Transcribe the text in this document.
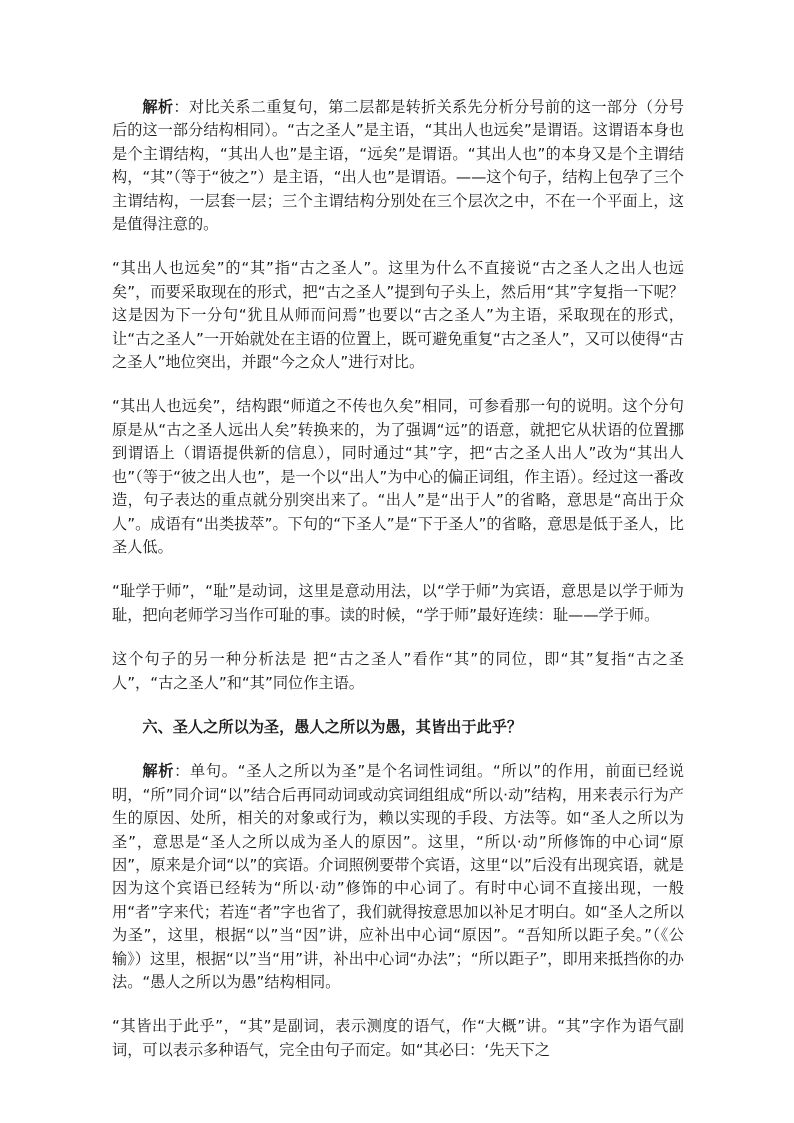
解析：对比关系二重复句，第二层都是转折关系先分析分号前的这一部分（分号后的这一部分结构相同）。“古之圣人”是主语，“其出人也远矣”是谓语。这谓语本身也是个主谓结构，“其出人也”是主语，“远矣”是谓语。“其出人也”的本身又是个主谓结构，“其”（等于“彼之”）是主语，“出人也”是谓语。——这个句子，结构上包孕了三个主谓结构，一层套一层；三个主谓结构分别处在三个层次之中，不在一个平面上，这是值得注意的。

“其出人也远矣”的“其”指“古之圣人”。这里为什么不直接说“古之圣人之出人也远矣”，而要采取现在的形式，把“古之圣人”提到句子头上，然后用“其”字复指一下呢？这是因为下一分句“犹且从师而问焉”也要以“古之圣人”为主语，采取现在的形式，让“古之圣人”一开始就处在主语的位置上，既可避免重复“古之圣人”，又可以使得“古之圣人”地位突出，并跟“今之众人”进行对比。

“其出人也远矣”，结构跟“师道之不传也久矣”相同，可参看那一句的说明。这个分句原是从“古之圣人远出人矣”转换来的，为了强调“远”的语意，就把它从状语的位置挪到谓语上（谓语提供新的信息），同时通过“其”字，把“古之圣人出人”改为“其出人也”（等于“彼之出人也”，是一个以“出人”为中心的偏正词组，作主语）。经过这一番改造，句子表达的重点就分别突出来了。“出人”是“出于人”的省略，意思是“高出于众人”。成语有“出类拔萃”。下句的“下圣人”是“下于圣人”的省略，意思是低于圣人，比圣人低。

“耻学于师”，“耻”是动词，这里是意动用法，以“学于师”为宾语，意思是以学于师为耻，把向老师学习当作可耻的事。读的时候，“学于师”最好连续：耻——学于师。

这个句子的另一种分析法是 把“古之圣人”看作“其”的同位，即“其”复指“古之圣人”，“古之圣人”和“其”同位作主语。

六、圣人之所以为圣，愚人之所以为愚，其皆出于此乎？

解析：单句。“圣人之所以为圣”是个名词性词组。“所以”的作用，前面已经说明，“所”同介词“以”结合后再同动词或动宾词组组成“所以·动”结构，用来表示行为产生的原因、处所，相关的对象或行为，赖以实现的手段、方法等。如“圣人之所以为圣”，意思是“圣人之所以成为圣人的原因”。这里，“所以·动”所修饰的中心词“原因”，原来是介词“以”的宾语。介词照例要带个宾语，这里“以”后没有出现宾语，就是因为这个宾语已经转为“所以·动”修饰的中心词了。有时中心词不直接出现，一般用“者”字来代；若连“者”字也省了，我们就得按意思加以补足才明白。如“圣人之所以为圣”，这里，根据“以”当“因”讲，应补出中心词“原因”。“吾知所以距子矣。”（《公输》）这里，根据“以”当“用”讲，补出中心词“办法”；“所以距子”，即用来抵挡你的办法。“愚人之所以为愚”结构相同。

“其皆出于此乎”，“其”是副词，表示测度的语气，作“大概”讲。“其”字作为语气副词，可以表示多种语气，完全由句子而定。如“其必曰：‘先天下之
